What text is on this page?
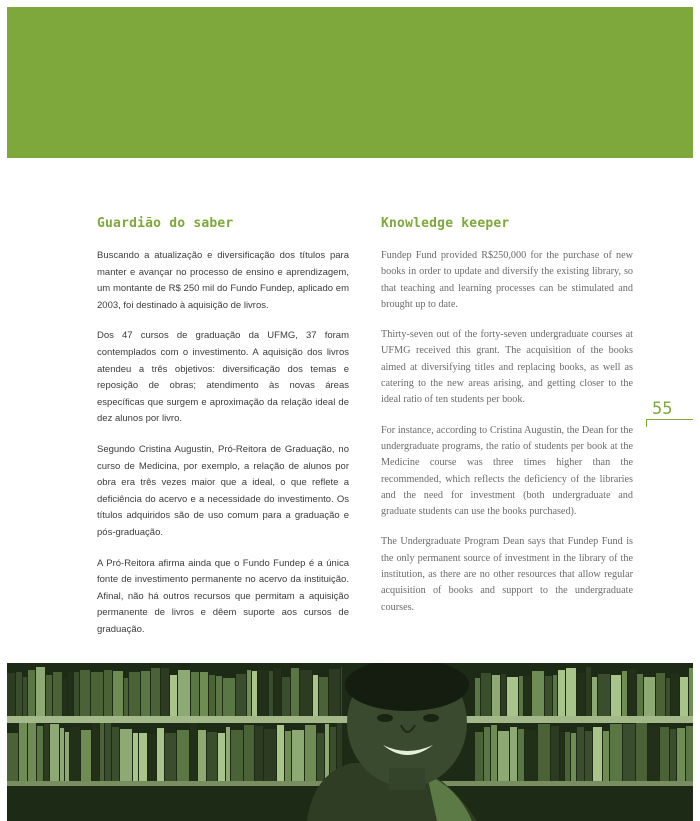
Guardião do saber	Knowledge keeper

Buscando a atualização e diversificação dos títulos para manter e avançar no processo de ensino e aprendizagem, um montante de R$ 250 mil do Fundo Fundep, aplicado em 2003, foi destinado à aquisição de livros.

Dos 47 cursos de graduação da UFMG, 37 foram contemplados com o investimento. A aquisição dos livros atendeu a três objetivos: diversificação dos temas e reposição de obras; atendimento às novas áreas específicas que surgem e aproximação da relação ideal de dez alunos por livro.

Segundo Cristina Augustin, Pró-Reitora de Graduação, no curso de Medicina, por exemplo, a relação de alunos por obra era três vezes maior que a ideal, o que reflete a deficiência do acervo e a necessidade do investimento. Os títulos adquiridos são de uso comum para a graduação e pós-graduação.

A Pró-Reitora afirma ainda que o Fundo Fundep é a única fonte de investimento permanente no acervo da instituição. Afinal, não há outros recursos que permitam a aquisição permanente de livros e dêem suporte aos cursos de graduação.

Fundep Fund provided R$250,000 for the purchase of new books in order to update and diversify the existing library, so that teaching and learning processes can be stimulated and brought up to date.

Thirty-seven out of the forty-seven undergraduate courses at UFMG received this grant. The acquisition of the books aimed at diversifying titles and replacing books, as well as catering to the new areas arising, and getting closer to the ideal ratio of ten students per book.

For instance, according to Cristina Augustin, the Dean for the undergraduate programs, the ratio of students per book at the Medicine course was three times higher than the recommended, which reflects the deficiency of the libraries and the need for investment (both undergraduate and graduate students can use the books purchased).

The Undergraduate Program Dean says that Fundep Fund is the only permanent source of investment in the library of the institution, as there are no other resources that allow regular acquisition of books and support to the undergraduate courses.

55
